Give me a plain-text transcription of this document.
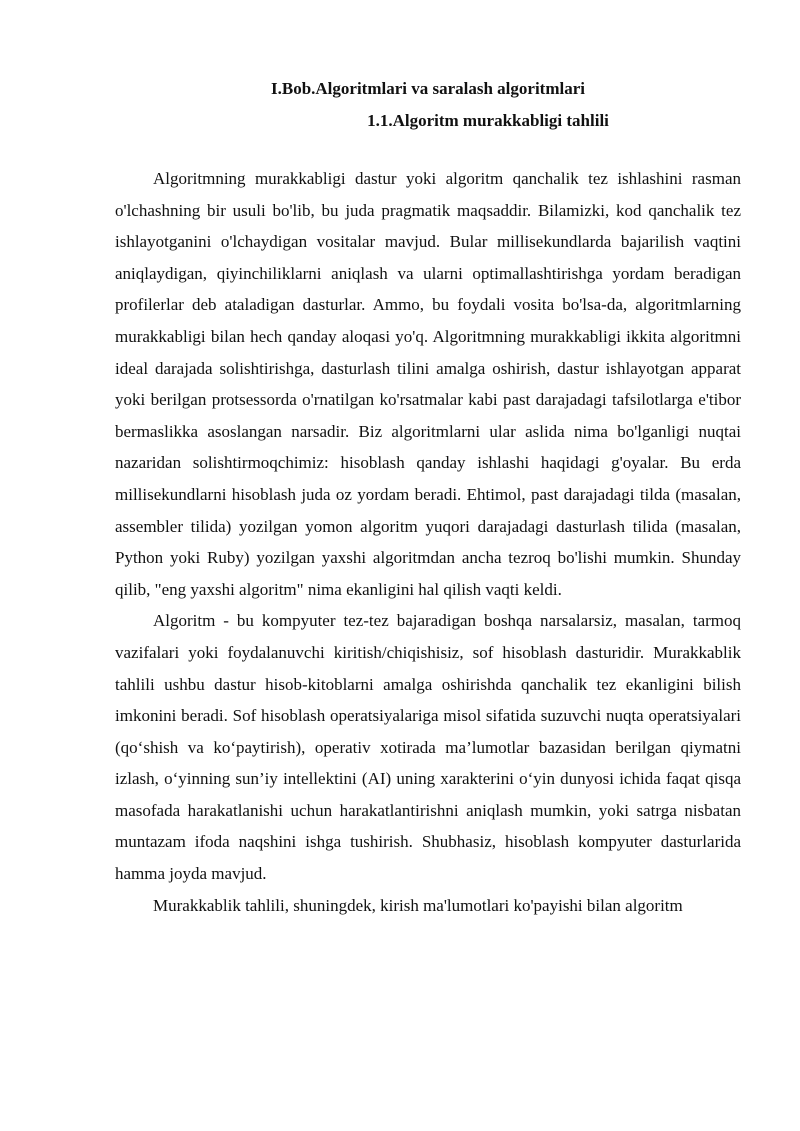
I.Bob.Algoritmlari va saralash algoritmlari
1.1.Algoritm murakkabligi tahlili

Algoritmning murakkabligi dastur yoki algoritm qanchalik tez ishlashini rasman o'lchashning bir usuli bo'lib, bu juda pragmatik maqsaddir. Bilamizki, kod qanchalik tez ishlayotganini o'lchaydigan vositalar mavjud. Bular millisekundlarda bajarilish vaqtini aniqlaydigan, qiyinchiliklarni aniqlash va ularni optimallashtirishga yordam beradigan profilerlar deb ataladigan dasturlar. Ammo, bu foydali vosita bo'lsa-da, algoritmlarning murakkabligi bilan hech qanday aloqasi yo'q. Algoritmning murakkabligi ikkita algoritmni ideal darajada solishtirishga, dasturlash tilini amalga oshirish, dastur ishlayotgan apparat yoki berilgan protsessorda o'rnatilgan ko'rsatmalar kabi past darajadagi tafsilotlarga e'tibor bermaslikka asoslangan narsadir. Biz algoritmlarni ular aslida nima bo'lganligi nuqtai nazaridan solishtirmoqchimiz: hisoblash qanday ishlashi haqidagi g'oyalar. Bu erda millisekundlarni hisoblash juda oz yordam beradi. Ehtimol, past darajadagi tilda (masalan, assembler tilida) yozilgan yomon algoritm yuqori darajadagi dasturlash tilida (masalan, Python yoki Ruby) yozilgan yaxshi algoritmdan ancha tezroq bo'lishi mumkin. Shunday qilib, "eng yaxshi algoritm" nima ekanligini hal qilish vaqti keldi.

Algoritm - bu kompyuter tez-tez bajaradigan boshqa narsalarsiz, masalan, tarmoq vazifalari yoki foydalanuvchi kiritish/chiqishisiz, sof hisoblash dasturidir. Murakkablik tahlili ushbu dastur hisob-kitoblarni amalga oshirishda qanchalik tez ekanligini bilish imkonini beradi. Sof hisoblash operatsiyalariga misol sifatida suzuvchi nuqta operatsiyalari (qo‘shish va ko‘paytirish), operativ xotirada ma’lumotlar bazasidan berilgan qiymatni izlash, o‘yinning sun’iy intellektini (AI) uning xarakterini o‘yin dunyosi ichida faqat qisqa masofada harakatlanishi uchun harakatlantirishni aniqlash mumkin, yoki satrga nisbatan muntazam ifoda naqshini ishga tushirish. Shubhasiz, hisoblash kompyuter dasturlarida hamma joyda mavjud.

Murakkablik tahlili, shuningdek, kirish ma'lumotlari ko'payishi bilan algoritm
